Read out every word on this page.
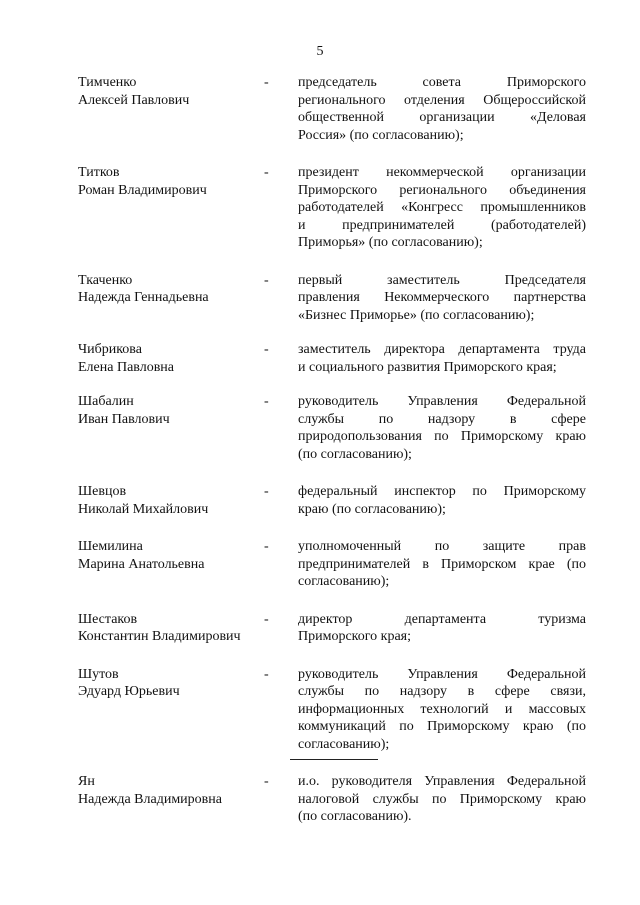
5
Тимченко
Алексей Павлович
-	председатель совета Приморского
регионального отделения Общероссийской
общественной организации «Деловая
Россия» (по согласованию);
Титков
Роман Владимирович
-	президент некоммерческой организации
Приморского регионального объединения
работодателей «Конгресс промышленников
и предпринимателей (работодателей)
Приморья» (по согласованию);
Ткаченко
Надежда Геннадьевна
-	первый заместитель Председателя
правления Некоммерческого партнерства
«Бизнес Приморье» (по согласованию);
Чибрикова
Елена Павловна
-	заместитель директора департамента труда
и социального развития Приморского края;
Шабалин
Иван Павлович
-	руководитель Управления Федеральной
службы по надзору в сфере
природопользования по Приморскому краю
(по согласованию);
Шевцов
Николай Михайлович
-	федеральный инспектор по Приморскому
краю (по согласованию);
Шемилина
Марина Анатольевна
-	уполномоченный по защите прав
предпринимателей в Приморском крае (по
согласованию);
Шестаков
Константин Владимирович
-	директор департамента туризма
Приморского края;
Шутов
Эдуард Юрьевич
-	руководитель Управления Федеральной
службы по надзору в сфере связи,
информационных технологий и массовых
коммуникаций по Приморскому краю (по
согласованию);
Ян
Надежда Владимировна
-	и.о. руководителя Управления Федеральной
налоговой службы по Приморскому краю
(по согласованию).
